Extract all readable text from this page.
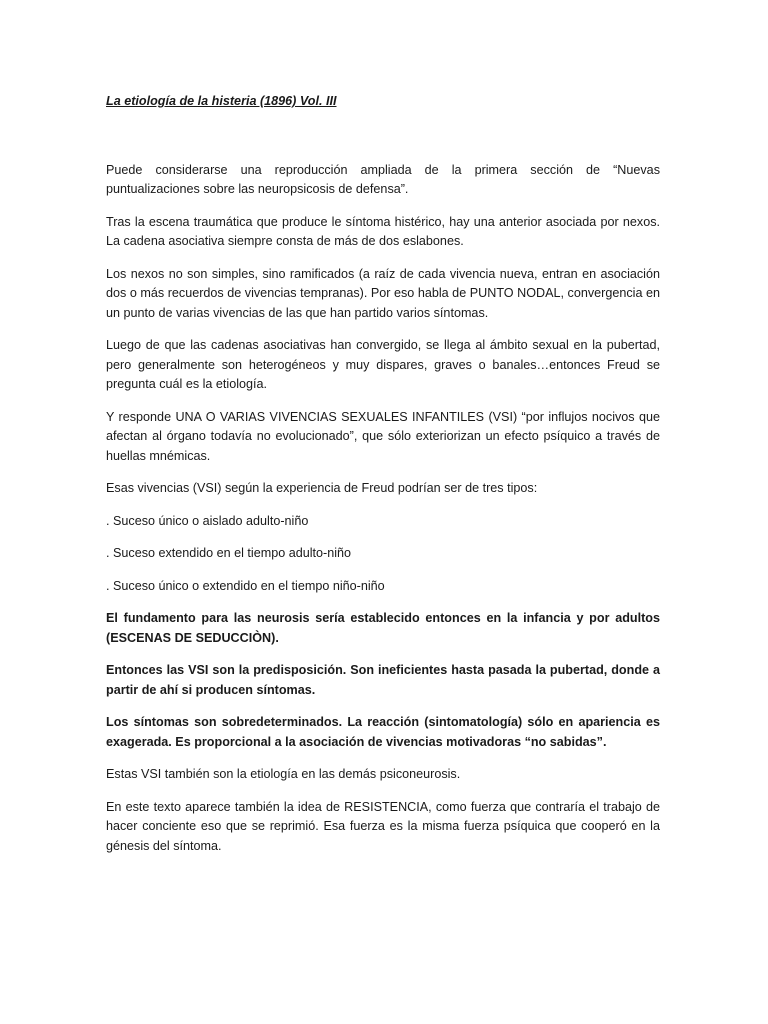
La etiología de la histeria (1896) Vol. III

Puede considerarse una reproducción ampliada de la primera sección de “Nuevas puntualizaciones sobre las neuropsicosis de defensa”.

Tras la escena traumática que produce le síntoma histérico, hay una anterior asociada por nexos. La cadena asociativa siempre consta de más de dos eslabones.

Los nexos no son simples, sino ramificados (a raíz de cada vivencia nueva, entran en asociación dos o más recuerdos de vivencias tempranas). Por eso habla de PUNTO NODAL, convergencia en un punto de varias vivencias de las que han partido varios síntomas.

Luego de que las cadenas asociativas han convergido, se llega al ámbito sexual en la pubertad, pero generalmente son heterogéneos y muy dispares, graves o banales…entonces Freud se pregunta cuál es la etiología.

Y responde UNA O VARIAS VIVENCIAS SEXUALES INFANTILES (VSI) “por influjos nocivos que afectan al órgano todavía no evolucionado”, que sólo exteriorizan un efecto psíquico a través de huellas mnémicas.

Esas vivencias (VSI) según la experiencia de Freud podrían ser de tres tipos:

. Suceso único o aislado adulto-niño

. Suceso extendido en el tiempo adulto-niño

. Suceso único o extendido en el tiempo niño-niño

El fundamento para las neurosis sería establecido entonces en la infancia y por adultos (ESCENAS DE SEDUCCIÒN).

Entonces las VSI son la predisposición. Son ineficientes hasta pasada la pubertad, donde a partir de ahí si producen síntomas.

Los síntomas son sobredeterminados. La reacción (sintomatología) sólo en apariencia es exagerada. Es proporcional a la asociación de vivencias motivadoras “no sabidas”.

Estas VSI también son la etiología en las demás psiconeurosis.

En este texto aparece también la idea de RESISTENCIA, como fuerza que contraría el trabajo de hacer conciente eso que se reprimió. Esa fuerza es la misma fuerza psíquica que cooperó en la génesis del síntoma.
